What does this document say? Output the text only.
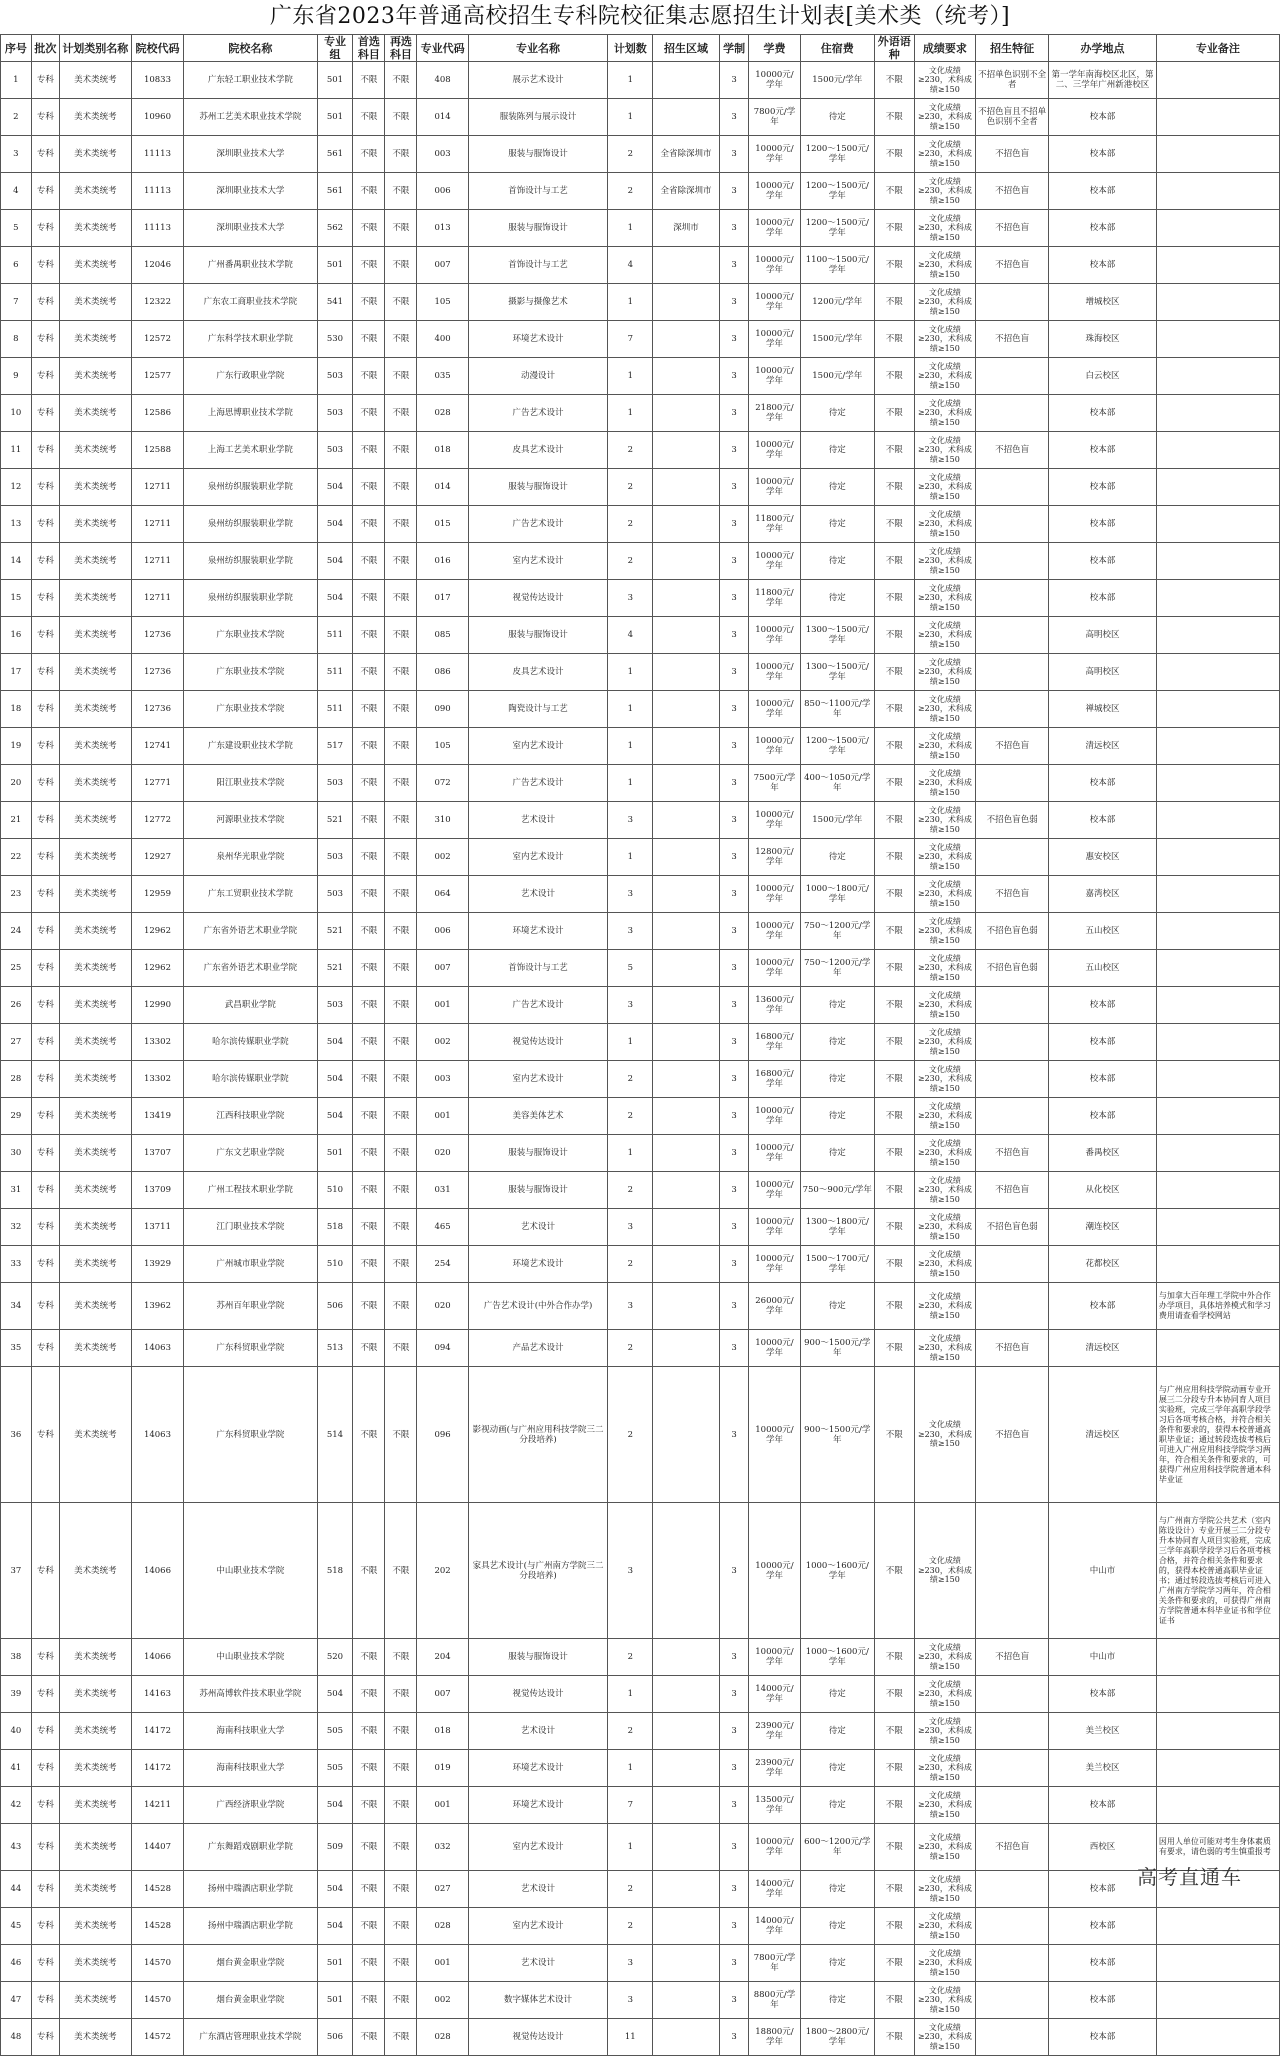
广东省2023年普通高校招生专科院校征集志愿招生计划表[美术类（统考）]
序号	批次	计划类别名称	院校代码	院校名称	专业组	首选科目	再选科目	专业代码	专业名称	计划数	招生区域	学制	学费	住宿费	外语语种	成绩要求	招生特征	办学地点	专业备注
1	专科	美术类统考	10833	广东轻工职业技术学院	501	不限	不限	408	展示艺术设计	1		3	10000元/学年	1500元/学年	不限	文化成绩≥230，术科成绩≥150	不招单色识别不全者	第一学年南海校区北区，第二、三学年广州新港校区	
2	专科	美术类统考	10960	苏州工艺美术职业技术学院	501	不限	不限	014	服装陈列与展示设计	1		3	7800元/学年	待定	不限	文化成绩≥230，术科成绩≥150	不招色盲且不招单色识别不全者	校本部	
3	专科	美术类统考	11113	深圳职业技术大学	561	不限	不限	003	服装与服饰设计	2	全省除深圳市	3	10000元/学年	1200～1500元/学年	不限	文化成绩≥230，术科成绩≥150	不招色盲	校本部	
4	专科	美术类统考	11113	深圳职业技术大学	561	不限	不限	006	首饰设计与工艺	2	全省除深圳市	3	10000元/学年	1200～1500元/学年	不限	文化成绩≥230，术科成绩≥150	不招色盲	校本部	
5	专科	美术类统考	11113	深圳职业技术大学	562	不限	不限	013	服装与服饰设计	1	深圳市	3	10000元/学年	1200～1500元/学年	不限	文化成绩≥230，术科成绩≥150	不招色盲	校本部	
6	专科	美术类统考	12046	广州番禺职业技术学院	501	不限	不限	007	首饰设计与工艺	4		3	10000元/学年	1100～1500元/学年	不限	文化成绩≥230，术科成绩≥150	不招色盲	校本部	
7	专科	美术类统考	12322	广东农工商职业技术学院	541	不限	不限	105	摄影与摄像艺术	1		3	10000元/学年	1200元/学年	不限	文化成绩≥230，术科成绩≥150		增城校区	
8	专科	美术类统考	12572	广东科学技术职业学院	530	不限	不限	400	环境艺术设计	7		3	10000元/学年	1500元/学年	不限	文化成绩≥230，术科成绩≥150	不招色盲	珠海校区	
9	专科	美术类统考	12577	广东行政职业学院	503	不限	不限	035	动漫设计	1		3	10000元/学年	1500元/学年	不限	文化成绩≥230，术科成绩≥150		白云校区	
10	专科	美术类统考	12586	上海思博职业技术学院	503	不限	不限	028	广告艺术设计	1		3	21800元/学年	待定	不限	文化成绩≥230，术科成绩≥150		校本部	
11	专科	美术类统考	12588	上海工艺美术职业学院	503	不限	不限	018	皮具艺术设计	2		3	10000元/学年	待定	不限	文化成绩≥230，术科成绩≥150	不招色盲	校本部	
12	专科	美术类统考	12711	泉州纺织服装职业学院	504	不限	不限	014	服装与服饰设计	2		3	10000元/学年	待定	不限	文化成绩≥230，术科成绩≥150		校本部	
13	专科	美术类统考	12711	泉州纺织服装职业学院	504	不限	不限	015	广告艺术设计	2		3	11800元/学年	待定	不限	文化成绩≥230，术科成绩≥150		校本部	
14	专科	美术类统考	12711	泉州纺织服装职业学院	504	不限	不限	016	室内艺术设计	2		3	10000元/学年	待定	不限	文化成绩≥230，术科成绩≥150		校本部	
15	专科	美术类统考	12711	泉州纺织服装职业学院	504	不限	不限	017	视觉传达设计	3		3	11800元/学年	待定	不限	文化成绩≥230，术科成绩≥150		校本部	
16	专科	美术类统考	12736	广东职业技术学院	511	不限	不限	085	服装与服饰设计	4		3	10000元/学年	1300～1500元/学年	不限	文化成绩≥230，术科成绩≥150		高明校区	
17	专科	美术类统考	12736	广东职业技术学院	511	不限	不限	086	皮具艺术设计	1		3	10000元/学年	1300～1500元/学年	不限	文化成绩≥230，术科成绩≥150		高明校区	
18	专科	美术类统考	12736	广东职业技术学院	511	不限	不限	090	陶瓷设计与工艺	1		3	10000元/学年	850～1100元/学年	不限	文化成绩≥230，术科成绩≥150		禅城校区	
19	专科	美术类统考	12741	广东建设职业技术学院	517	不限	不限	105	室内艺术设计	1		3	10000元/学年	1200～1500元/学年	不限	文化成绩≥230，术科成绩≥150	不招色盲	清远校区	
20	专科	美术类统考	12771	阳江职业技术学院	503	不限	不限	072	广告艺术设计	1		3	7500元/学年	400～1050元/学年	不限	文化成绩≥230，术科成绩≥150		校本部	
21	专科	美术类统考	12772	河源职业技术学院	521	不限	不限	310	艺术设计	3		3	10000元/学年	1500元/学年	不限	文化成绩≥230，术科成绩≥150	不招色盲色弱	校本部	
22	专科	美术类统考	12927	泉州华光职业学院	503	不限	不限	002	室内艺术设计	1		3	12800元/学年	待定	不限	文化成绩≥230，术科成绩≥150		惠安校区	
23	专科	美术类统考	12959	广东工贸职业技术学院	503	不限	不限	064	艺术设计	3		3	10000元/学年	1000～1800元/学年	不限	文化成绩≥230，术科成绩≥150	不招色盲	嘉湾校区	
24	专科	美术类统考	12962	广东省外语艺术职业学院	521	不限	不限	006	环境艺术设计	3		3	10000元/学年	750～1200元/学年	不限	文化成绩≥230，术科成绩≥150	不招色盲色弱	五山校区	
25	专科	美术类统考	12962	广东省外语艺术职业学院	521	不限	不限	007	首饰设计与工艺	5		3	10000元/学年	750～1200元/学年	不限	文化成绩≥230，术科成绩≥150	不招色盲色弱	五山校区	
26	专科	美术类统考	12990	武昌职业学院	503	不限	不限	001	广告艺术设计	3		3	13600元/学年	待定	不限	文化成绩≥230，术科成绩≥150		校本部	
27	专科	美术类统考	13302	哈尔滨传媒职业学院	504	不限	不限	002	视觉传达设计	1		3	16800元/学年	待定	不限	文化成绩≥230，术科成绩≥150		校本部	
28	专科	美术类统考	13302	哈尔滨传媒职业学院	504	不限	不限	003	室内艺术设计	2		3	16800元/学年	待定	不限	文化成绩≥230，术科成绩≥150		校本部	
29	专科	美术类统考	13419	江西科技职业学院	504	不限	不限	001	美容美体艺术	2		3	10000元/学年	待定	不限	文化成绩≥230，术科成绩≥150		校本部	
30	专科	美术类统考	13707	广东文艺职业学院	501	不限	不限	020	服装与服饰设计	1		3	10000元/学年	待定	不限	文化成绩≥230，术科成绩≥150	不招色盲	番禺校区	
31	专科	美术类统考	13709	广州工程技术职业学院	510	不限	不限	031	服装与服饰设计	2		3	10000元/学年	750～900元/学年	不限	文化成绩≥230，术科成绩≥150	不招色盲	从化校区	
32	专科	美术类统考	13711	江门职业技术学院	518	不限	不限	465	艺术设计	3		3	10000元/学年	1300～1800元/学年	不限	文化成绩≥230，术科成绩≥150	不招色盲色弱	潮连校区	
33	专科	美术类统考	13929	广州城市职业学院	510	不限	不限	254	环境艺术设计	2		3	10000元/学年	1500～1700元/学年	不限	文化成绩≥230，术科成绩≥150		花都校区	
34	专科	美术类统考	13962	苏州百年职业学院	506	不限	不限	020	广告艺术设计(中外合作办学)	3		3	26000元/学年	待定	不限	文化成绩≥230，术科成绩≥150		校本部	与加拿大百年理工学院中外合作办学项目，具体培养模式和学习费用请查看学校网站
35	专科	美术类统考	14063	广东科贸职业学院	513	不限	不限	094	产品艺术设计	2		3	10000元/学年	900～1500元/学年	不限	文化成绩≥230，术科成绩≥150	不招色盲	清远校区	
36	专科	美术类统考	14063	广东科贸职业学院	514	不限	不限	096	影视动画(与广州应用科技学院三二分段培养)	2		3	10000元/学年	900～1500元/学年	不限	文化成绩≥230，术科成绩≥150	不招色盲	清远校区	与广州应用科技学院动画专业开展三二分段专升本协同育人项目实验班，完成三学年高职学段学习后各项考核合格，并符合相关条件和要求的，获得本校普通高职毕业证；通过转段选拔考核后可进入广州应用科技学院学习两年，符合相关条件和要求的，可获得广州应用科技学院普通本科毕业证
37	专科	美术类统考	14066	中山职业技术学院	518	不限	不限	202	家具艺术设计(与广州南方学院三二分段培养)	3		3	10000元/学年	1000～1600元/学年	不限	文化成绩≥230，术科成绩≥150		中山市	与广州南方学院公共艺术（室内陈设设计）专业开展三二分段专升本协同育人项目实验班，完成三学年高职学段学习后各项考核合格，并符合相关条件和要求的，获得本校普通高职毕业证书；通过转段选拔考核后可进入广州南方学院学习两年，符合相关条件和要求的，可获得广州南方学院普通本科毕业证书和学位证书
38	专科	美术类统考	14066	中山职业技术学院	520	不限	不限	204	服装与服饰设计	2		3	10000元/学年	1000～1600元/学年	不限	文化成绩≥230，术科成绩≥150	不招色盲	中山市	
39	专科	美术类统考	14163	苏州高博软件技术职业学院	504	不限	不限	007	视觉传达设计	1		3	14000元/学年	待定	不限	文化成绩≥230，术科成绩≥150		校本部	
40	专科	美术类统考	14172	海南科技职业大学	505	不限	不限	018	艺术设计	2		3	23900元/学年	待定	不限	文化成绩≥230，术科成绩≥150		美兰校区	
41	专科	美术类统考	14172	海南科技职业大学	505	不限	不限	019	环境艺术设计	1		3	23900元/学年	待定	不限	文化成绩≥230，术科成绩≥150		美兰校区	
42	专科	美术类统考	14211	广西经济职业学院	504	不限	不限	001	环境艺术设计	7		3	13500元/学年	待定	不限	文化成绩≥230，术科成绩≥150		校本部	
43	专科	美术类统考	14407	广东舞蹈戏剧职业学院	509	不限	不限	032	室内艺术设计	1		3	10000元/学年	600～1200元/学年	不限	文化成绩≥230，术科成绩≥150	不招色盲	西校区	因用人单位可能对考生身体素质有要求，请色弱的考生慎重报考
44	专科	美术类统考	14528	扬州中瑞酒店职业学院	504	不限	不限	027	艺术设计	2		3	14000元/学年	待定	不限	文化成绩≥230，术科成绩≥150		校本部	
45	专科	美术类统考	14528	扬州中瑞酒店职业学院	504	不限	不限	028	室内艺术设计	2		3	14000元/学年	待定	不限	文化成绩≥230，术科成绩≥150		校本部	
46	专科	美术类统考	14570	烟台黄金职业学院	501	不限	不限	001	艺术设计	3		3	7800元/学年	待定	不限	文化成绩≥230，术科成绩≥150		校本部	
47	专科	美术类统考	14570	烟台黄金职业学院	501	不限	不限	002	数字媒体艺术设计	3		3	8800元/学年	待定	不限	文化成绩≥230，术科成绩≥150		校本部	
48	专科	美术类统考	14572	广东酒店管理职业技术学院	506	不限	不限	028	视觉传达设计	11		3	18800元/学年	1800～2800元/学年	不限	文化成绩≥230，术科成绩≥150		校本部	
高考直通车
